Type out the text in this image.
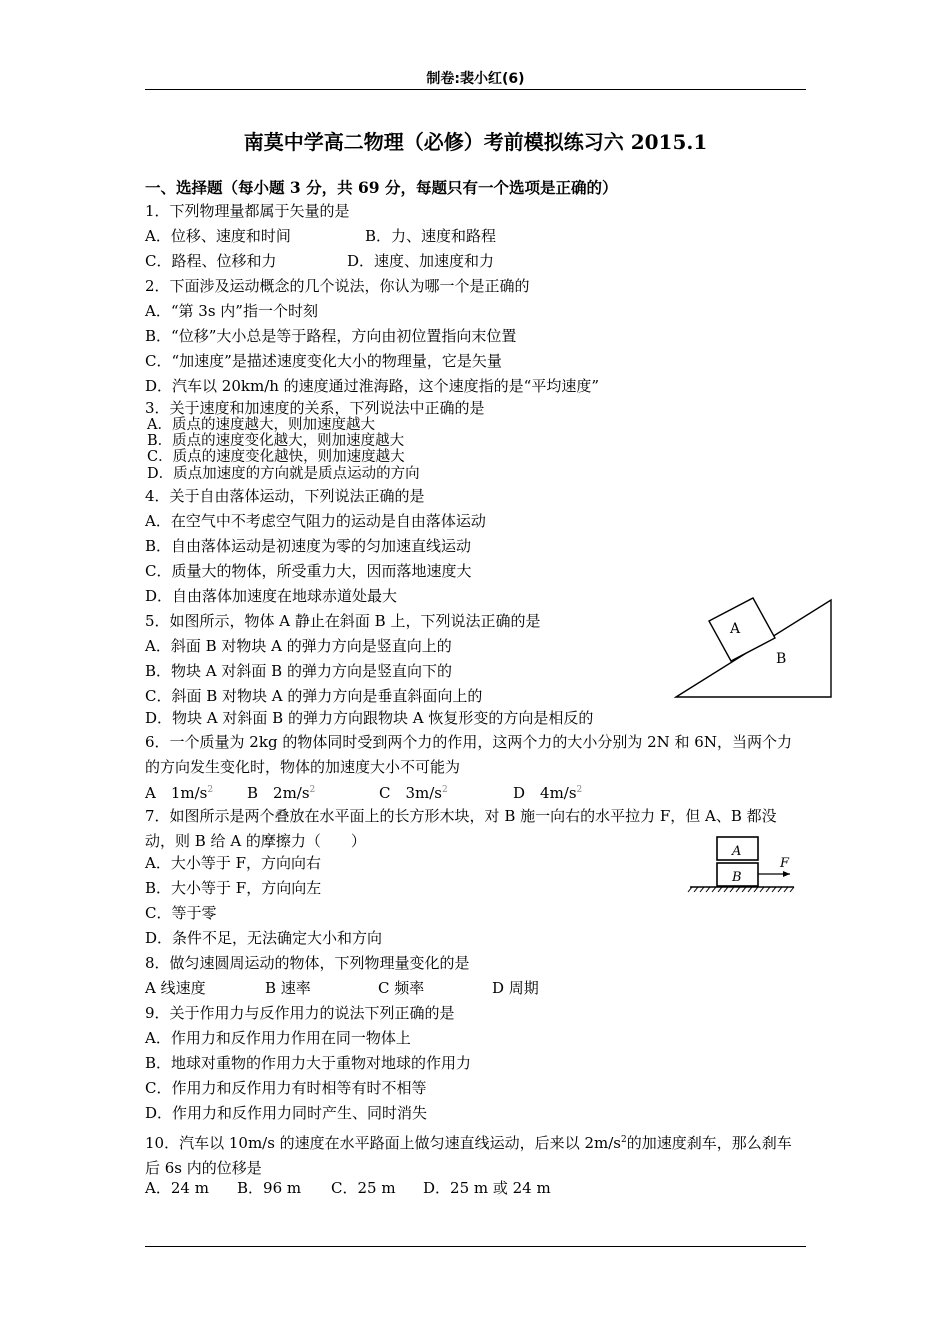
制卷:裴小红(6)
南莫中学高二物理（必修）考前模拟练习六 2015.1
一、选择题（每小题 3 分，共 69 分，每题只有一个选项是正确的）
1．下列物理量都属于矢量的是
A．位移、速度和时间	B．力、速度和路程
C．路程、位移和力	D．速度、加速度和力
2．下面涉及运动概念的几个说法，你认为哪一个是正确的
A．“第 3s 内”指一个时刻
B．“位移”大小总是等于路程，方向由初位置指向末位置
C．“加速度”是描述速度变化大小的物理量，它是矢量
D．汽车以 20km/h 的速度通过淮海路，这个速度指的是“平均速度”
3．关于速度和加速度的关系，下列说法中正确的是
A．质点的速度越大，则加速度越大
B．质点的速度变化越大，则加速度越大
C．质点的速度变化越快，则加速度越大
D．质点加速度的方向就是质点运动的方向
4．关于自由落体运动，下列说法正确的是
A．在空气中不考虑空气阻力的运动是自由落体运动
B．自由落体运动是初速度为零的匀加速直线运动
C．质量大的物体，所受重力大，因而落地速度大
D．自由落体加速度在地球赤道处最大
5．如图所示，物体 A 静止在斜面 B 上，下列说法正确的是
A．斜面 B 对物块 A 的弹力方向是竖直向上的
B．物块 A 对斜面 B 的弹力方向是竖直向下的
C．斜面 B 对物块 A 的弹力方向是垂直斜面向上的
D．物块 A 对斜面 B 的弹力方向跟物块 A 恢复形变的方向是相反的
A
B
6．一个质量为 2kg 的物体同时受到两个力的作用，这两个力的大小分别为 2N 和 6N，当两个力的方向发生变化时，物体的加速度大小不可能为
A　$1m/s^2$ B　$2m/s^2$	C　$3m/s^2$	D　$4m/s^2$
7．如图所示是两个叠放在水平面上的长方形木块，对 B 施一向右的水平拉力 F，但 A、B 都没动，则 B 给 A 的摩擦力（　　）
A．大小等于 F，方向向右
B．大小等于 F，方向向左
C．等于零
D．条件不足，无法确定大小和方向
A
B
F
8．做匀速圆周运动的物体，下列物理量变化的是
A 线速度	B 速率	C 频率	D 周期
9．关于作用力与反作用力的说法下列正确的是
A．作用力和反作用力作用在同一物体上
B．地球对重物的作用力大于重物对地球的作用力
C．作用力和反作用力有时相等有时不相等
D．作用力和反作用力同时产生、同时消失
10．汽车以 10m/s 的速度在水平路面上做匀速直线运动，后来以 $2m/s^2$的加速度刹车，那么刹车后 6s 内的位移是
A．24 m B．96 m C．25 m D．25 m 或 24 m
